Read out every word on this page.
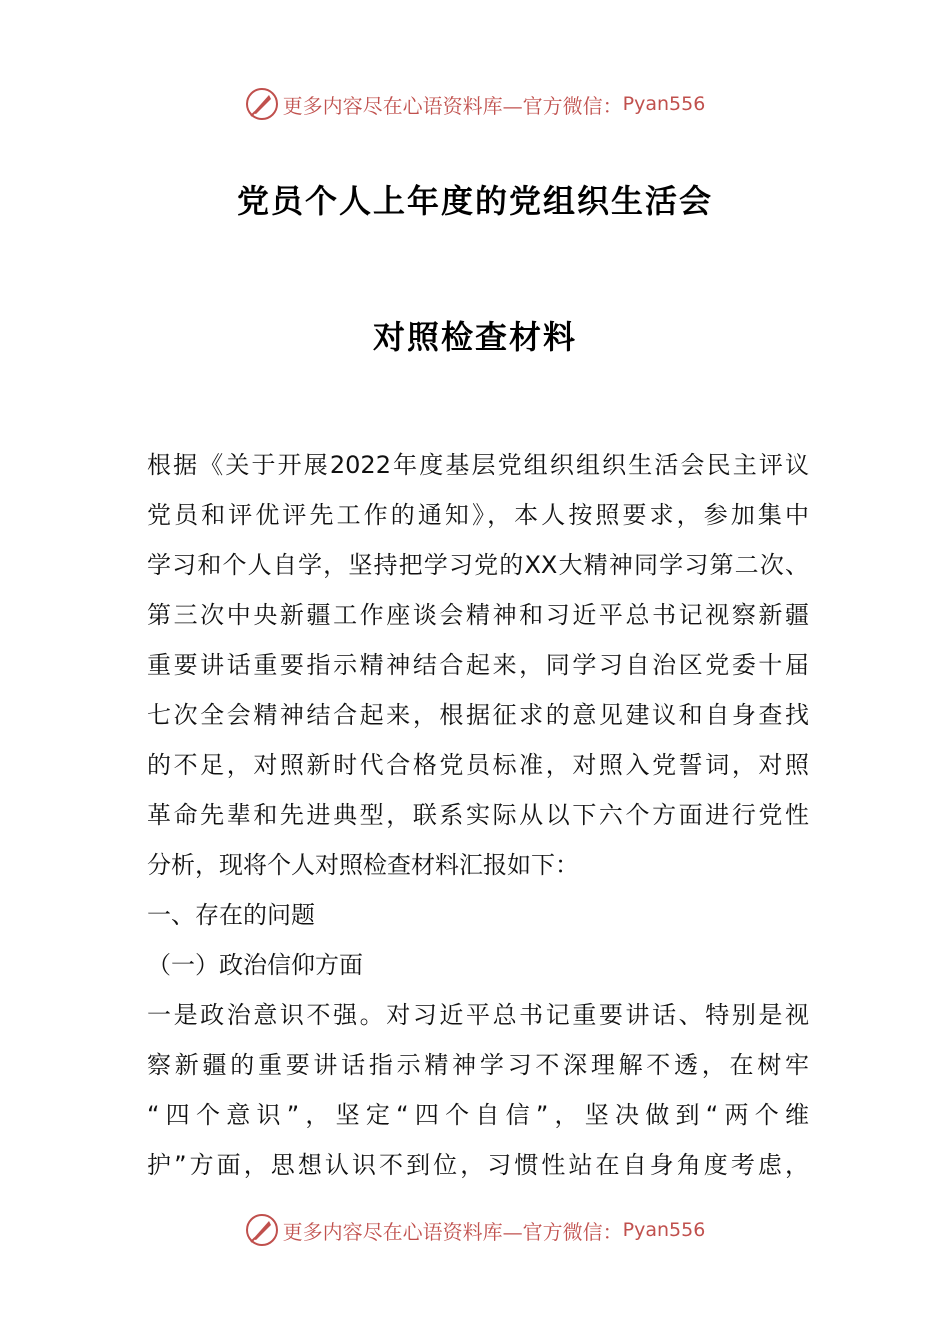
更多内容尽在心语资料库—官方微信： Pyan556
党员个人上年度的党组织生活会
对照检查材料
根据《关于开展2022年度基层党组织组织生活会民主评议
党员和评优评先工作的通知》，本人按照要求，参加集中
学习和个人自学，坚持把学习党的XX大精神同学习第二次、
第三次中央新疆工作座谈会精神和习近平总书记视察新疆
重要讲话重要指示精神结合起来，同学习自治区党委十届
七次全会精神结合起来，根据征求的意见建议和自身查找
的不足，对照新时代合格党员标准，对照入党誓词，对照
革命先辈和先进典型，联系实际从以下六个方面进行党性
分析，现将个人对照检查材料汇报如下：
一、存在的问题
（一）政治信仰方面
一是政治意识不强。对习近平总书记重要讲话、特别是视
察新疆的重要讲话指示精神学习不深理解不透，在树牢
“四个意识”，坚定“四个自信”，坚决做到“两个维
护”方面，思想认识不到位，习惯性站在自身角度考虑，
更多内容尽在心语资料库—官方微信： Pyan556
